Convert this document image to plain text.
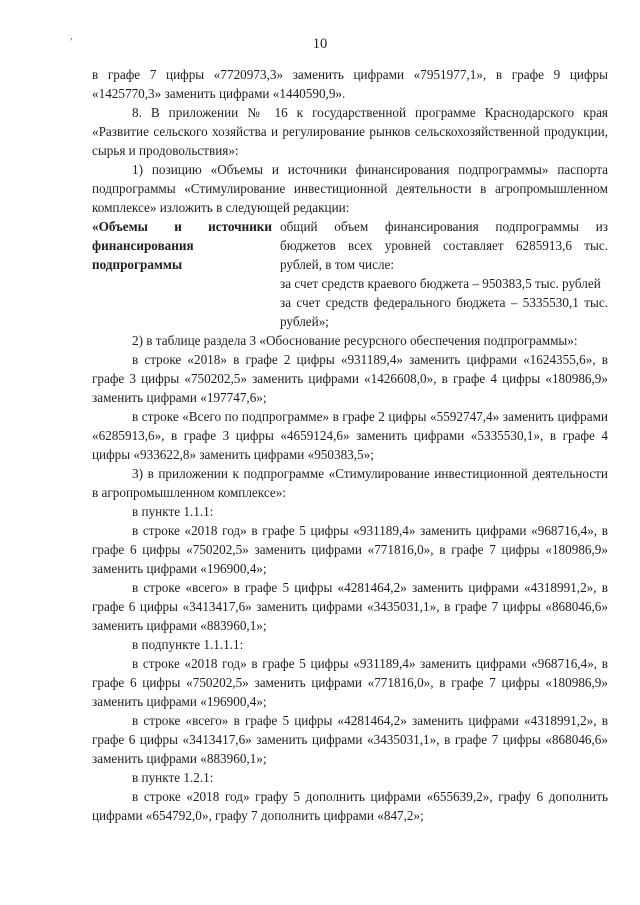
,	10

в графе 7 цифры «7720973,3» заменить цифрами «7951977,1», в графе 9 цифры «1425770,3» заменить цифрами «1440590,9».

8. В приложении № 16 к государственной программе Краснодарского края «Развитие сельского хозяйства и регулирование рынков сельскохозяйственной продукции, сырья и продовольствия»:

1) позицию «Объемы и источники финансирования подпрограммы» паспорта подпрограммы «Стимулирование инвестиционной деятельности в агропромышленном комплексе» изложить в следующей редакции:

«Объемы и источники финансирования подпрограммы

общий объем финансирования подпрограммы из бюджетов всех уровней составляет 6285913,6 тыс. рублей, в том числе:

за счет средств краевого бюджета – 950383,5 тыс. рублей

за счет средств федерального бюджета – 5335530,1 тыс. рублей»;

2) в таблице раздела 3 «Обоснование ресурсного обеспечения подпрограммы»:

в строке «2018» в графе 2 цифры «931189,4» заменить цифрами «1624355,6», в графе 3 цифры «750202,5» заменить цифрами «1426608,0», в графе 4 цифры «180986,9» заменить цифрами «197747,6»;

в строке «Всего по подпрограмме» в графе 2 цифры «5592747,4» заменить цифрами «6285913,6», в графе 3 цифры «4659124,6» заменить цифрами «5335530,1», в графе 4 цифры «933622,8» заменить цифрами «950383,5»;

3) в приложении к подпрограмме «Стимулирование инвестиционной деятельности в агропромышленном комплексе»:

в пункте 1.1.1:

в строке «2018 год» в графе 5 цифры «931189,4» заменить цифрами «968716,4», в графе 6 цифры «750202,5» заменить цифрами «771816,0», в графе 7 цифры «180986,9» заменить цифрами «196900,4»;

в строке «всего» в графе 5 цифры «4281464,2» заменить цифрами «4318991,2», в графе 6 цифры «3413417,6» заменить цифрами «3435031,1», в графе 7 цифры «868046,6» заменить цифрами «883960,1»;

в подпункте 1.1.1.1:

в строке «2018 год» в графе 5 цифры «931189,4» заменить цифрами «968716,4», в графе 6 цифры «750202,5» заменить цифрами «771816,0», в графе 7 цифры «180986,9» заменить цифрами «196900,4»;

в строке «всего» в графе 5 цифры «4281464,2» заменить цифрами «4318991,2», в графе 6 цифры «3413417,6» заменить цифрами «3435031,1», в графе 7 цифры «868046,6» заменить цифрами «883960,1»;

в пункте 1.2.1:

в строке «2018 год» графу 5 дополнить цифрами «655639,2», графу 6 дополнить цифрами «654792,0», графу 7 дополнить цифрами «847,2»;
